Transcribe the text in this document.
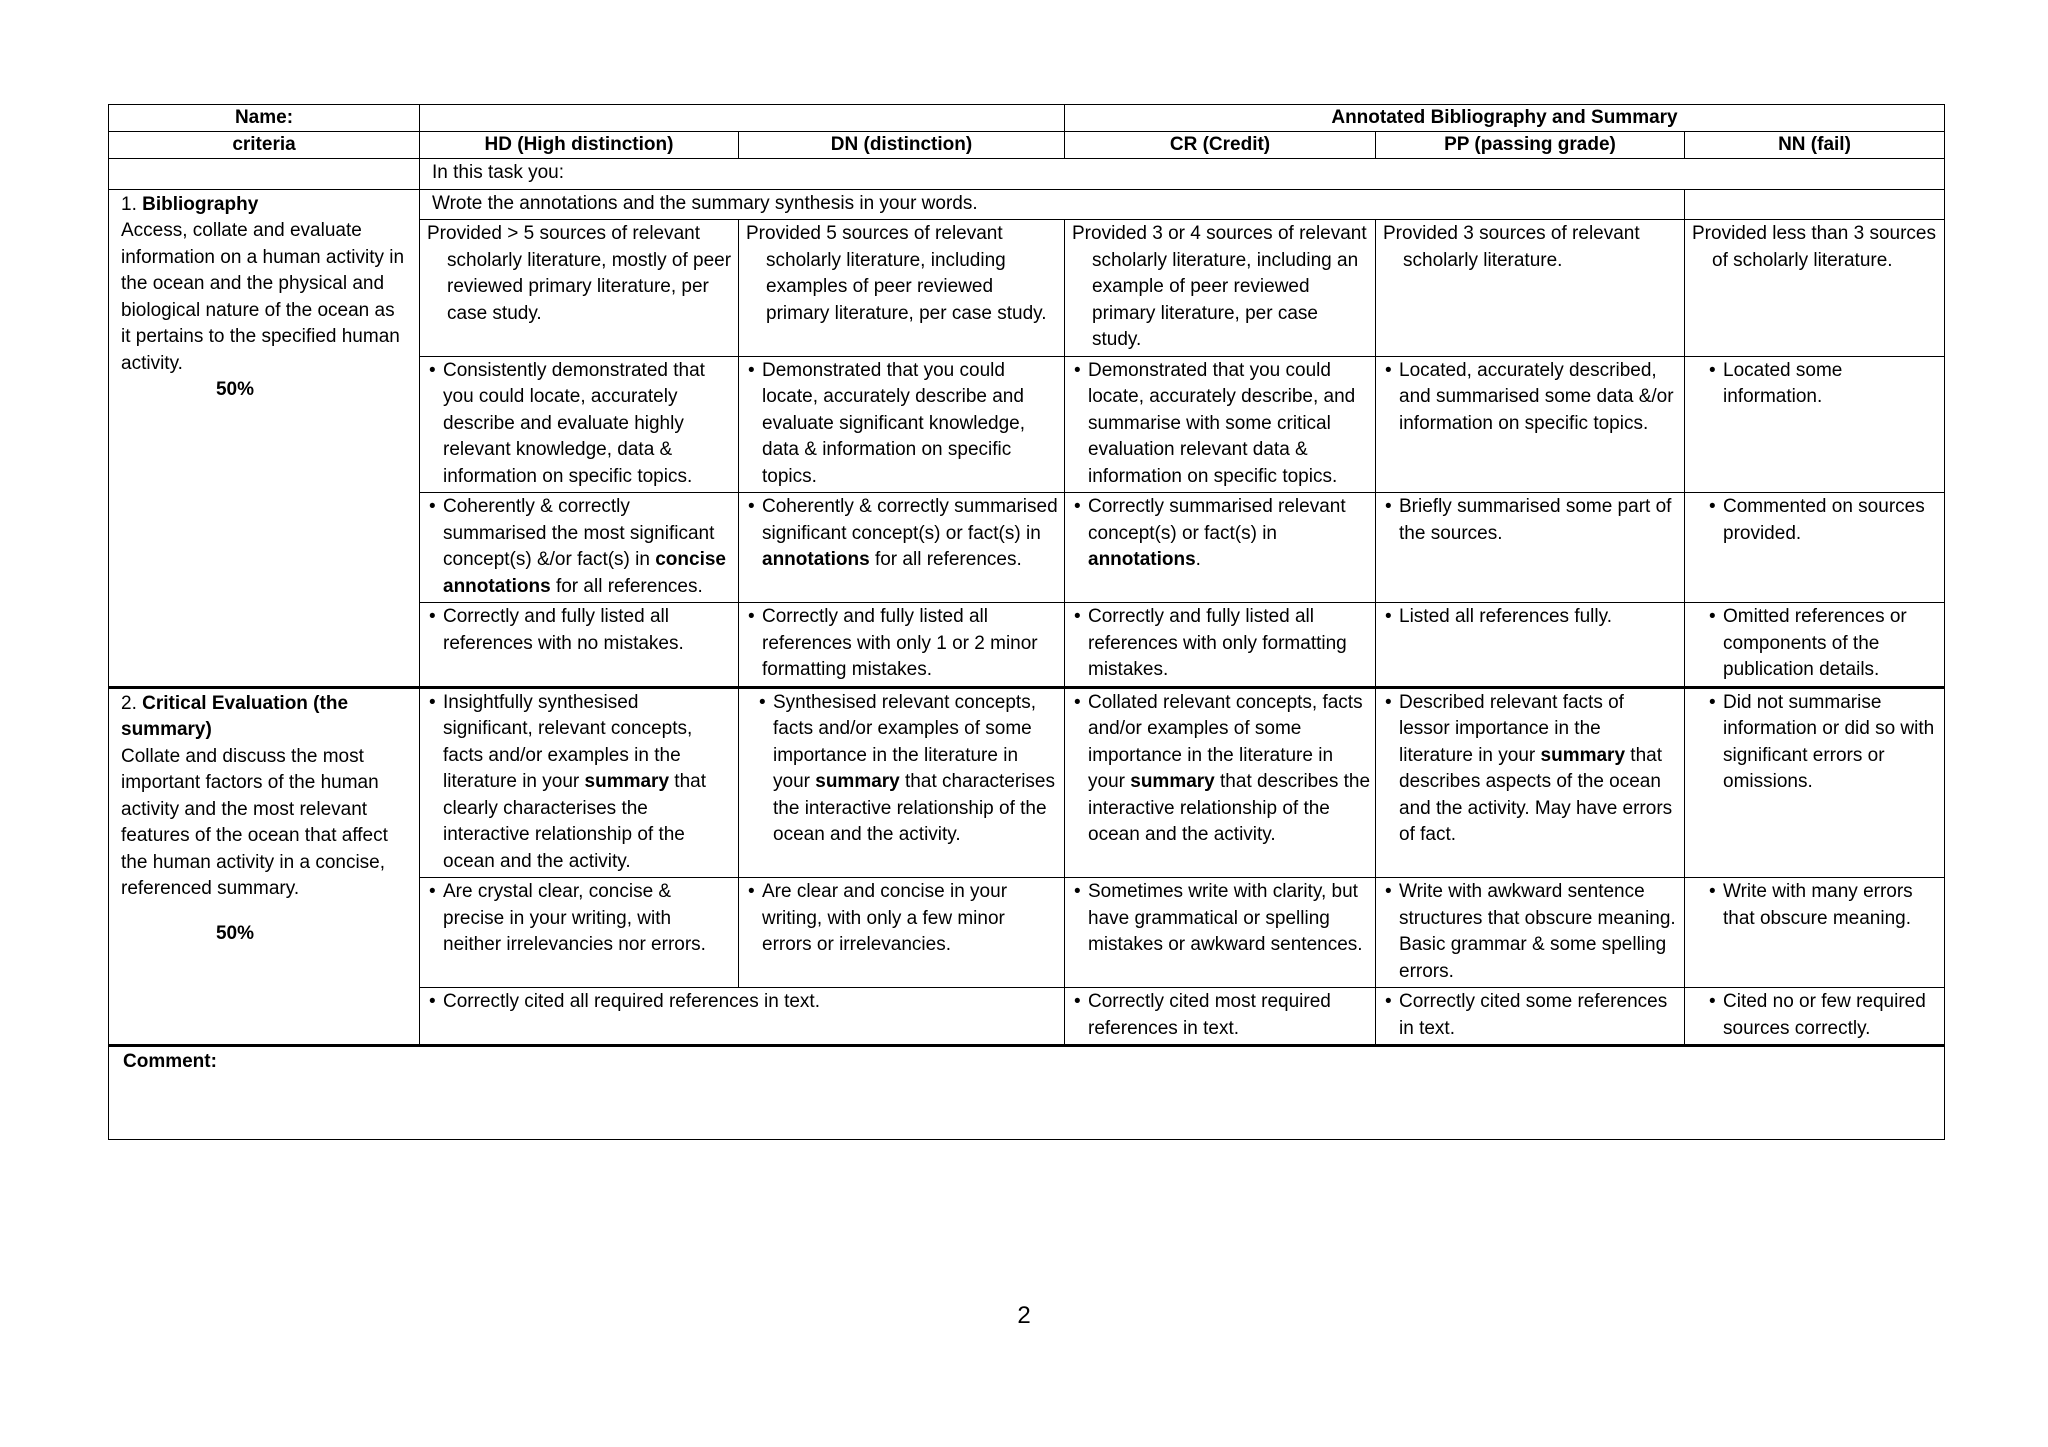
Name:			Annotated Bibliography and Summary		
criteria	HD (High distinction)	DN (distinction)	CR (Credit)	PP (passing grade)	NN (fail)
	In this task you:				
1. Bibliography
Access, collate and evaluate information on a human activity in the ocean and the physical and biological nature of the ocean as it pertains to the specified human activity.
50%	Wrote the annotations and the summary synthesis in your words.				

	Provided > 5 sources of relevant scholarly literature, mostly of peer reviewed primary literature, per case study.	Provided 5 sources of relevant scholarly literature, including examples of peer reviewed primary literature, per case study.	Provided 3 or 4 sources of relevant scholarly literature, including an example of peer reviewed primary literature, per case study.	Provided 3 sources of relevant scholarly literature.	Provided less than 3 sources of scholarly literature.

	• Consistently demonstrated that you could locate, accurately describe and evaluate highly relevant knowledge, data & information on specific topics.	• Demonstrated that you could locate, accurately describe and evaluate significant knowledge, data & information on specific topics.	• Demonstrated that you could locate, accurately describe, and summarise with some critical evaluation relevant data & information on specific topics.	• Located, accurately described, and summarised some data &/or information on specific topics.	• Located some information.

	• Coherently & correctly summarised the most significant concept(s) &/or fact(s) in concise annotations for all references.	• Coherently & correctly summarised significant concept(s) or fact(s) in annotations for all references.	• Correctly summarised relevant concept(s) or fact(s) in annotations.	• Briefly summarised some part of the sources.	• Commented on sources provided.

	• Correctly and fully listed all references with no mistakes.	• Correctly and fully listed all references with only 1 or 2 minor formatting mistakes.	• Correctly and fully listed all references with only formatting mistakes.	• Listed all references fully.	• Omitted references or components of the publication details.

2. Critical Evaluation (the summary)
Collate and discuss the most important factors of the human activity and the most relevant features of the ocean that affect the human activity in a concise, referenced summary.
50%	• Insightfully synthesised significant, relevant concepts, facts and/or examples in the literature in your summary that clearly characterises the interactive relationship of the ocean and the activity.	• Synthesised relevant concepts, facts and/or examples of some importance in the literature in your summary that characterises the interactive relationship of the ocean and the activity.	• Collated relevant concepts, facts and/or examples of some importance in the literature in your summary that describes the interactive relationship of the ocean and the activity.	• Described relevant facts of lessor importance in the literature in your summary that describes aspects of the ocean and the activity. May have errors of fact.	• Did not summarise information or did so with significant errors or omissions.

	• Are crystal clear, concise & precise in your writing, with neither irrelevancies nor errors.	• Are clear and concise in your writing, with only a few minor errors or irrelevancies.	• Sometimes write with clarity, but have grammatical or spelling mistakes or awkward sentences.	• Write with awkward sentence structures that obscure meaning. Basic grammar & some spelling errors.	• Write with many errors that obscure meaning.

	• Correctly cited all required references in text.		• Correctly cited most required references in text.	• Correctly cited some references in text.	• Cited no or few required sources correctly.

Comment:					
2
